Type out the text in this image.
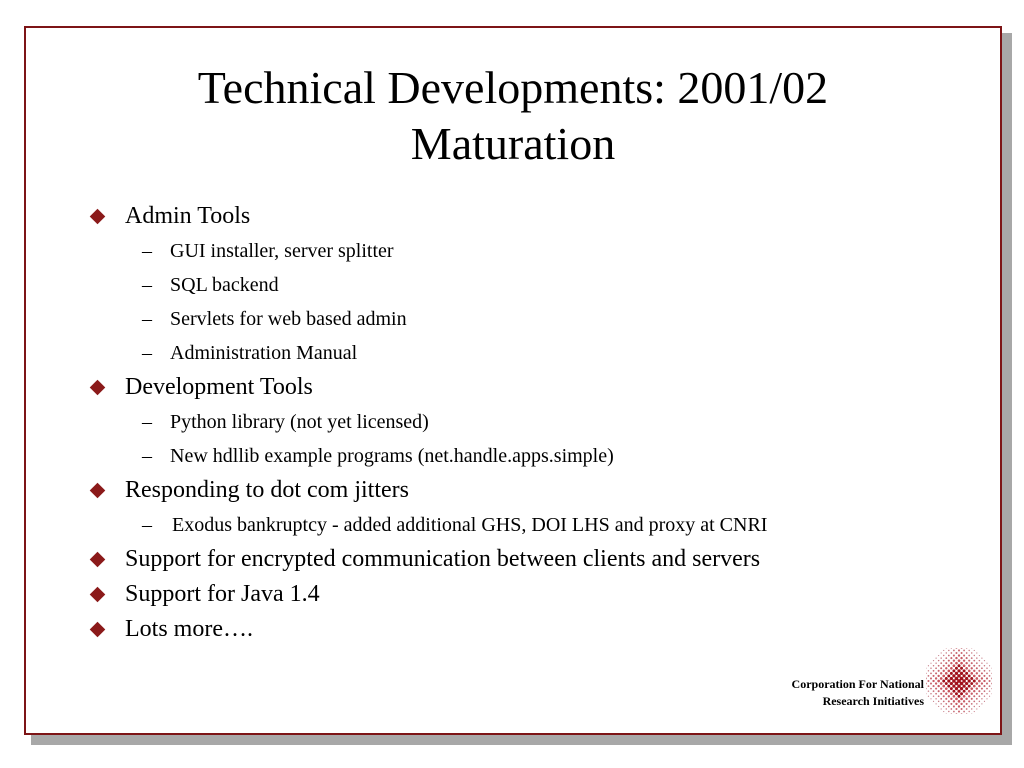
Technical Developments: 2001/02
Maturation
Admin Tools
– GUI installer, server splitter
– SQL backend
– Servlets for web based admin
– Administration Manual
Development Tools
– Python library (not yet licensed)
– New hdllib example programs (net.handle.apps.simple)
Responding to dot com jitters
– Exodus bankruptcy - added additional GHS, DOI LHS and proxy at CNRI
Support for encrypted communication between clients and servers
Support for Java 1.4
Lots more….
Corporation For National
Research Initiatives
